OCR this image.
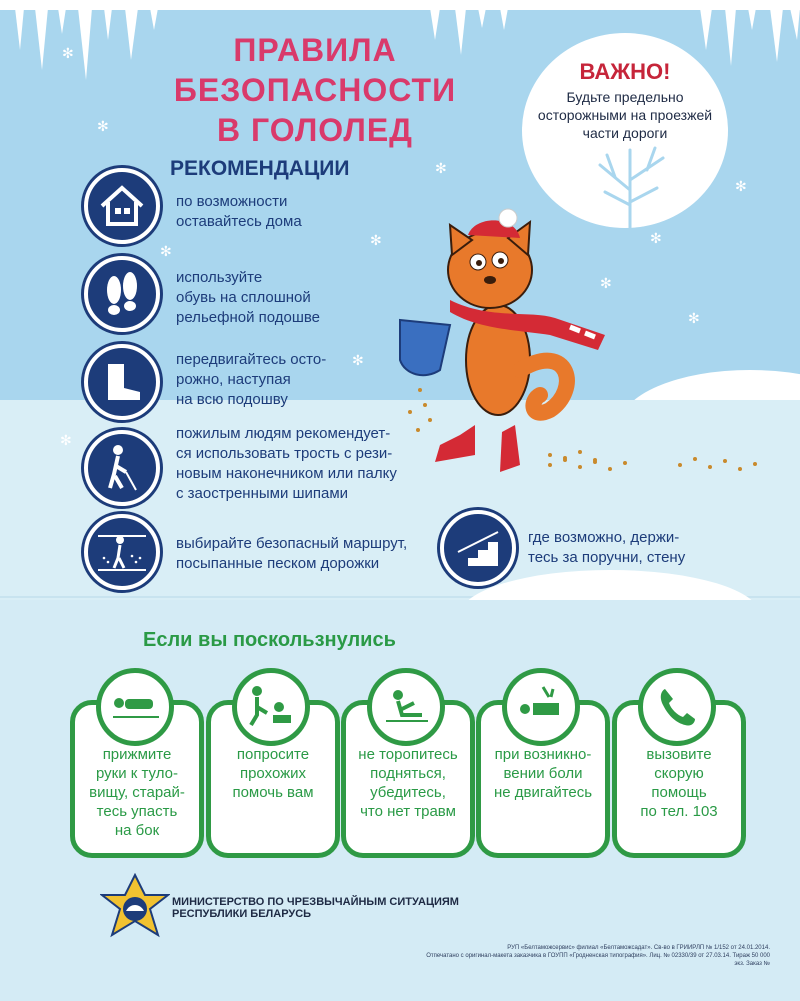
✻
✻
✻
✻
✻
✻
✻
✻
✻
✻
✻
ПРАВИЛА
БЕЗОПАСНОСТИ
В ГОЛОЛЕД
РЕКОМЕНДАЦИИ
ВАЖНО!
Будьте предельно осторожными на проезжей части дороги
по возможности
оставайтесь дома
используйте
обувь на сплошной
рельефной подошве
передвигайтесь осто-
рожно, наступая
на всю подошву
пожилым людям рекомендует-
ся использовать трость с рези-
новым наконечником или палку
с заостренными шипами
выбирайте безопасный маршрут,
посыпанные песком дорожки
где возможно, держи-
тесь за поручни, стену
Если вы поскользнулись
прижмите
руки к туло-
вищу, старай-
тесь упасть
на бок
попросите
прохожих
помочь вам
не торопитесь
подняться,
убедитесь,
что нет травм
при возникно-
вении боли
не двигайтесь
вызовите
скорую
помощь
по тел. 103
МИНИСТЕРСТВО ПО ЧРЕЗВЫЧАЙНЫМ СИТУАЦИЯМ
РЕСПУБЛИКИ БЕЛАРУСЬ
РУП «Белтаможсервис» филиал «Белтаможсадат». Св-во в ГРИИРЛП № 1/152 от 24.01.2014.
Отпечатано с оригинал-макета заказчика в ГОУПП «Гродненская типография». Лиц. № 02330/39 от 27.03.14. Тираж 50 000 экз. Заказ №
